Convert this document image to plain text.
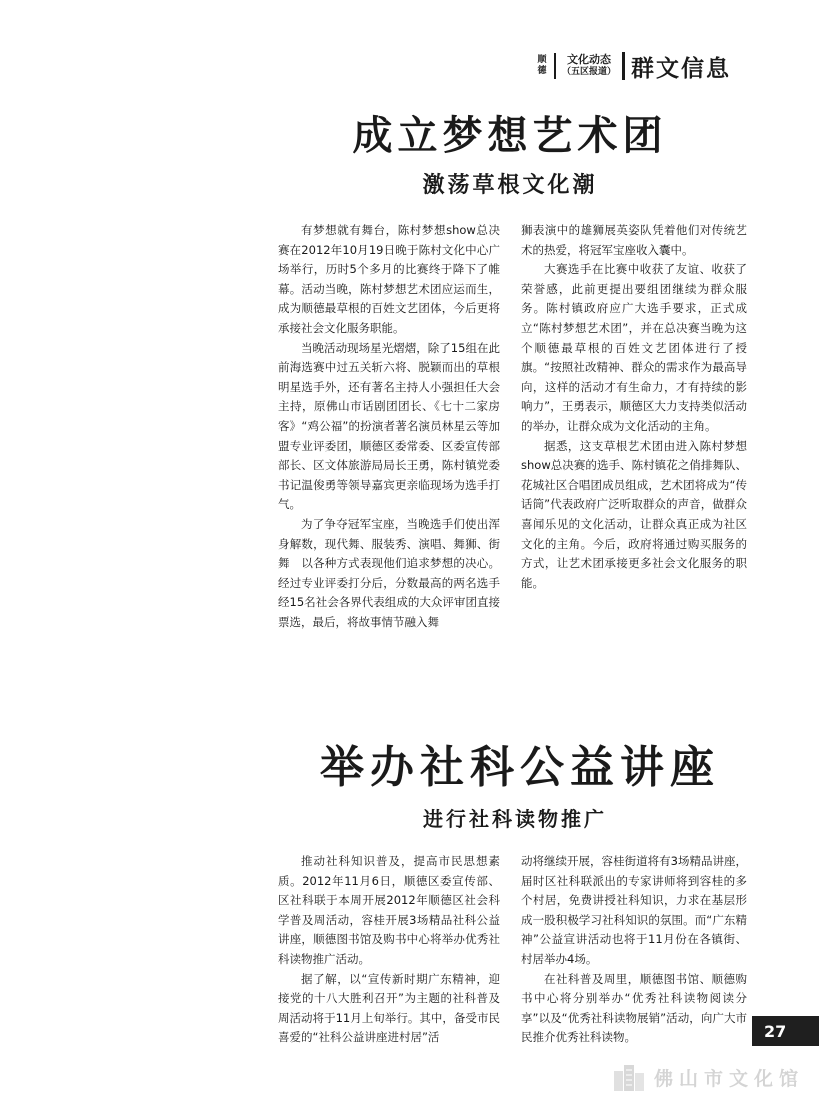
顺德
文化动态
（五区报道） 群文信息
成立梦想艺术团
激荡草根文化潮

有梦想就有舞台，陈村梦想show总决赛在2012年10月19日晚于陈村文化中心广场举行，历时5个多月的比赛终于降下了帷幕。活动当晚，陈村梦想艺术团应运而生，成为顺德最草根的百姓文艺团体，今后更将承接社会文化服务职能。

当晚活动现场星光熠熠，除了15组在此前海选赛中过五关斩六将、脱颖而出的草根明星选手外，还有著名主持人小强担任大会主持，原佛山市话剧团团长、《七十二家房客》“鸡公福”的扮演者著名演员林星云等加盟专业评委团，顺德区委常委、区委宣传部部长、区文体旅游局局长王勇，陈村镇党委书记温俊勇等领导嘉宾更亲临现场为选手打气。

为了争夺冠军宝座，当晚选手们使出浑身解数，现代舞、服装秀、演唱、舞狮、街舞　以各种方式表现他们追求梦想的决心。经过专业评委打分后，分数最高的两名选手经15名社会各界代表组成的大众评审团直接票选，最后，将故事情节融入舞

狮表演中的雄狮展英姿队凭着他们对传统艺术的热爱，将冠军宝座收入囊中。

大赛选手在比赛中收获了友谊、收获了荣誉感，此前更提出要组团继续为群众服务。陈村镇政府应广大选手要求，正式成立“陈村梦想艺术团”，并在总决赛当晚为这个顺德最草根的百姓文艺团体进行了授旗。“按照社改精神、群众的需求作为最高导向，这样的活动才有生命力，才有持续的影响力”，王勇表示，顺德区大力支持类似活动的举办，让群众成为文化活动的主角。

据悉，这支草根艺术团由进入陈村梦想show总决赛的选手、陈村镇花之俏排舞队、花城社区合唱团成员组成，艺术团将成为“传话筒”代表政府广泛听取群众的声音，做群众喜闻乐见的文化活动，让群众真正成为社区文化的主角。今后，政府将通过购买服务的方式，让艺术团承接更多社会文化服务的职能。

举办社科公益讲座
进行社科读物推广

推动社科知识普及，提高市民思想素质。2012年11月6日，顺德区委宣传部、区社科联于本周开展2012年顺德区社会科学普及周活动，容桂开展3场精品社科公益讲座，顺德图书馆及购书中心将举办优秀社科读物推广活动。

据了解，以“宣传新时期广东精神，迎接党的十八大胜利召开”为主题的社科普及周活动将于11月上旬举行。其中，备受市民喜爱的“社科公益讲座进村居”活

动将继续开展，容桂街道将有3场精品讲座，届时区社科联派出的专家讲师将到容桂的多个村居，免费讲授社科知识，力求在基层形成一股积极学习社科知识的氛围。而“广东精神”公益宣讲活动也将于11月份在各镇街、村居举办4场。

在社科普及周里，顺德图书馆、顺德购书中心将分别举办“优秀社科读物阅读分享”以及“优秀社科读物展销”活动，向广大市民推介优秀社科读物。	27
佛山市文化馆
